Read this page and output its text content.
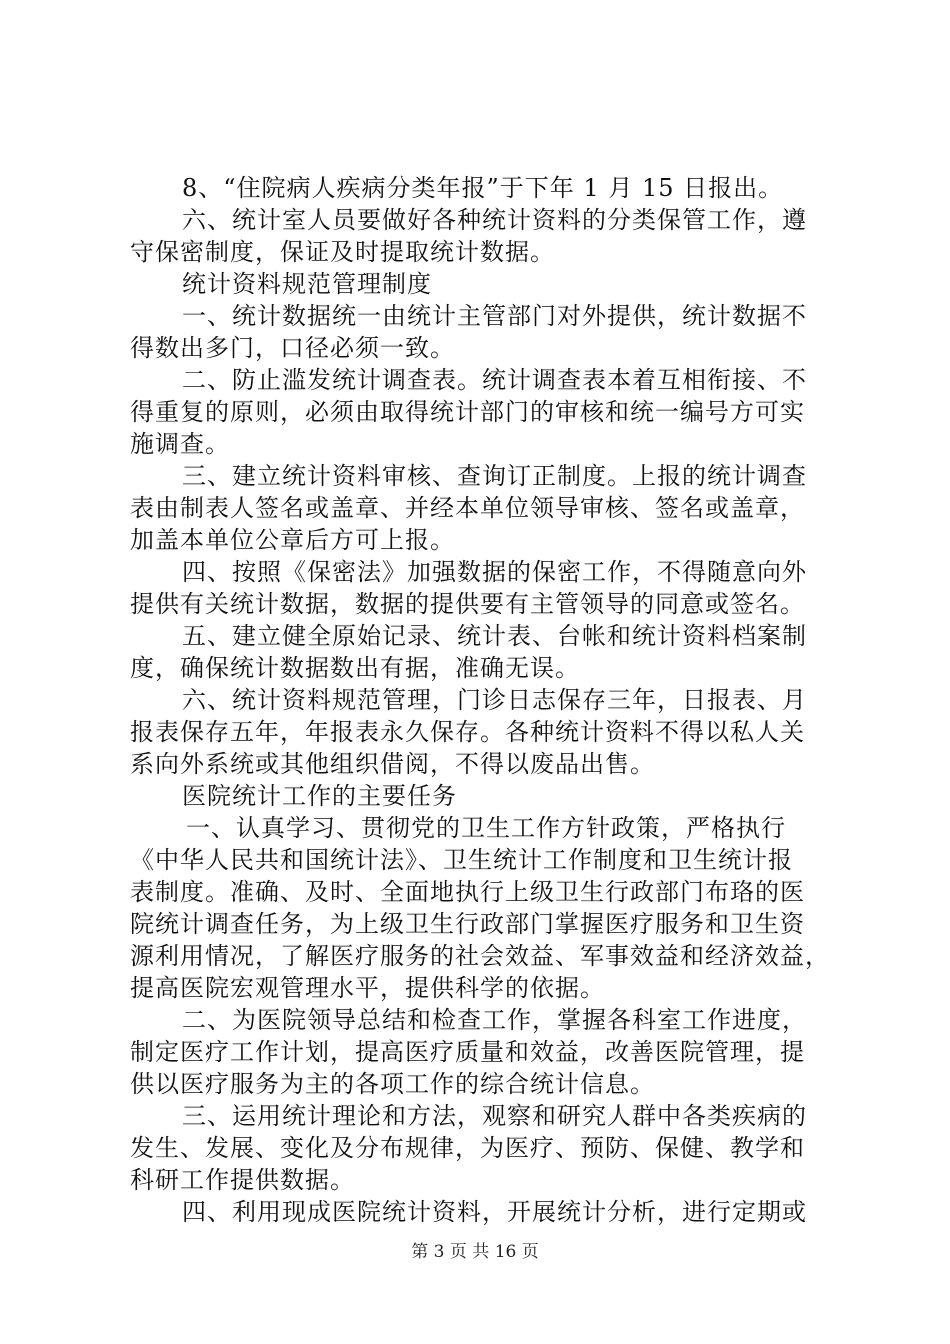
8、“住院病人疾病分类年报”于下年 1 月 15 日报出。
六、统计室人员要做好各种统计资料的分类保管工作，遵
守保密制度，保证及时提取统计数据。
统计资料规范管理制度
一、统计数据统一由统计主管部门对外提供，统计数据不
得数出多门，口径必须一致。
二、防止滥发统计调查表。统计调查表本着互相衔接、不
得重复的原则，必须由取得统计部门的审核和统一编号方可实
施调查。
三、建立统计资料审核、查询订正制度。上报的统计调查
表由制表人签名或盖章、并经本单位领导审核、签名或盖章，
加盖本单位公章后方可上报。
四、按照《保密法》加强数据的保密工作，不得随意向外
提供有关统计数据，数据的提供要有主管领导的同意或签名。
五、建立健全原始记录、统计表、台帐和统计资料档案制
度，确保统计数据数出有据，准确无误。
六、统计资料规范管理，门诊日志保存三年，日报表、月
报表保存五年，年报表永久保存。各种统计资料不得以私人关
系向外系统或其他组织借阅，不得以废品出售。
医院统计工作的主要任务
一、认真学习、贯彻党的卫生工作方针政策，严格执行
《中华人民共和国统计法》、卫生统计工作制度和卫生统计报
表制度。准确、及时、全面地执行上级卫生行政部门布珞的医
院统计调查任务，为上级卫生行政部门掌握医疗服务和卫生资
源利用情况，了解医疗服务的社会效益、军事效益和经济效益，
提高医院宏观管理水平，提供科学的依据。
二、为医院领导总结和检查工作，掌握各科室工作进度，
制定医疗工作计划，提高医疗质量和效益，改善医院管理，提
供以医疗服务为主的各项工作的综合统计信息。
三、运用统计理论和方法，观察和研究人群中各类疾病的
发生、发展、变化及分布规律，为医疗、预防、保健、教学和
科研工作提供数据。
四、利用现成医院统计资料，开展统计分析，进行定期或
第 3 页 共 16 页
